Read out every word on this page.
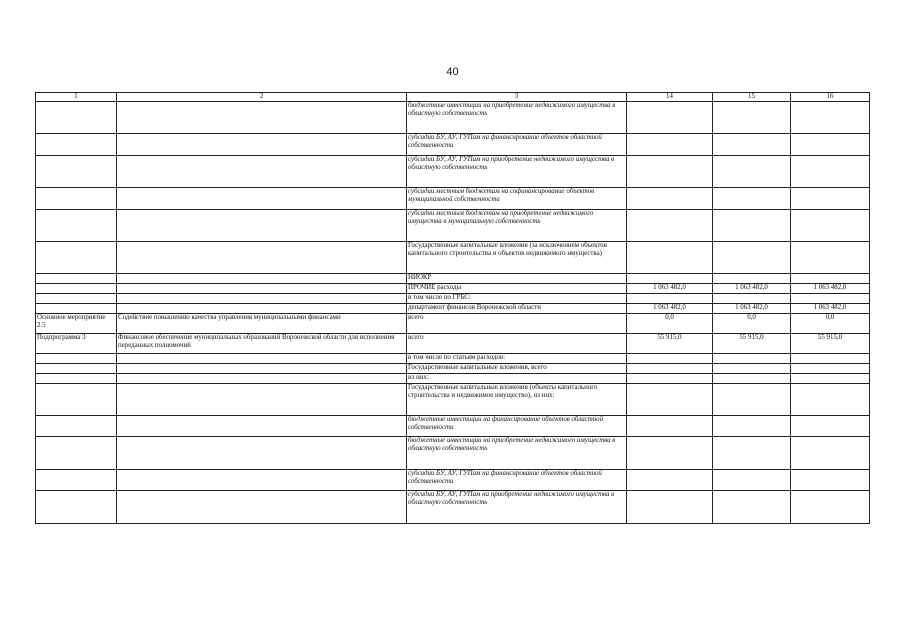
40
1	2	3	14	15	16
		бюджетные инвестиции на приобретение недвижимого имущества в областную собственность			
		субсидии БУ, АУ, ГУПам на финансирование объектов областной собственности			
		субсидии БУ, АУ, ГУПам на приобретение недвижимого имущества в областную собственность			
		субсидии местным бюджетам на софинансирование объектов муниципальной собственности			
		субсидии местным бюджетам на приобретение недвижимого имущества в муниципальную собственность			
		Государственные капитальные вложения (за исключением объектов капитального строительства и объектов недвижимого имущества)			
		НИОКР			
		ПРОЧИЕ расходы	1 063 482,0	1 063 482,0	1 063 482,0
		в том числе по ГРБС:			
		департамент финансов Воронежской области	1 063 482,0	1 063 482,0	1 063 482,0
Основное мероприятие 2.5	Содействие повышению качества управления муниципальными финансами	всего	0,0	0,0	0,0
Подпрограмма 3	Финансовое обеспечение муниципальных образований Воронежской области для исполнения переданных полномочий	всего	55 915,0	55 915,0	55 915,0
		в том числе по статьям расходов:			
		Государственные капитальные вложения, всего			
		из них:			
		Государственные капитальные вложения (объекты капитального строительства и недвижимое имущество), из них:			
		бюджетные инвестиции на финансирование объектов областной собственности			
		бюджетные инвестиции на приобретение недвижимого имущества в областную собственность			
		субсидии БУ, АУ, ГУПам на финансирование объектов областной собственности			
		субсидии БУ, АУ, ГУПам на приобретение недвижимого имущества в областную собственность			
